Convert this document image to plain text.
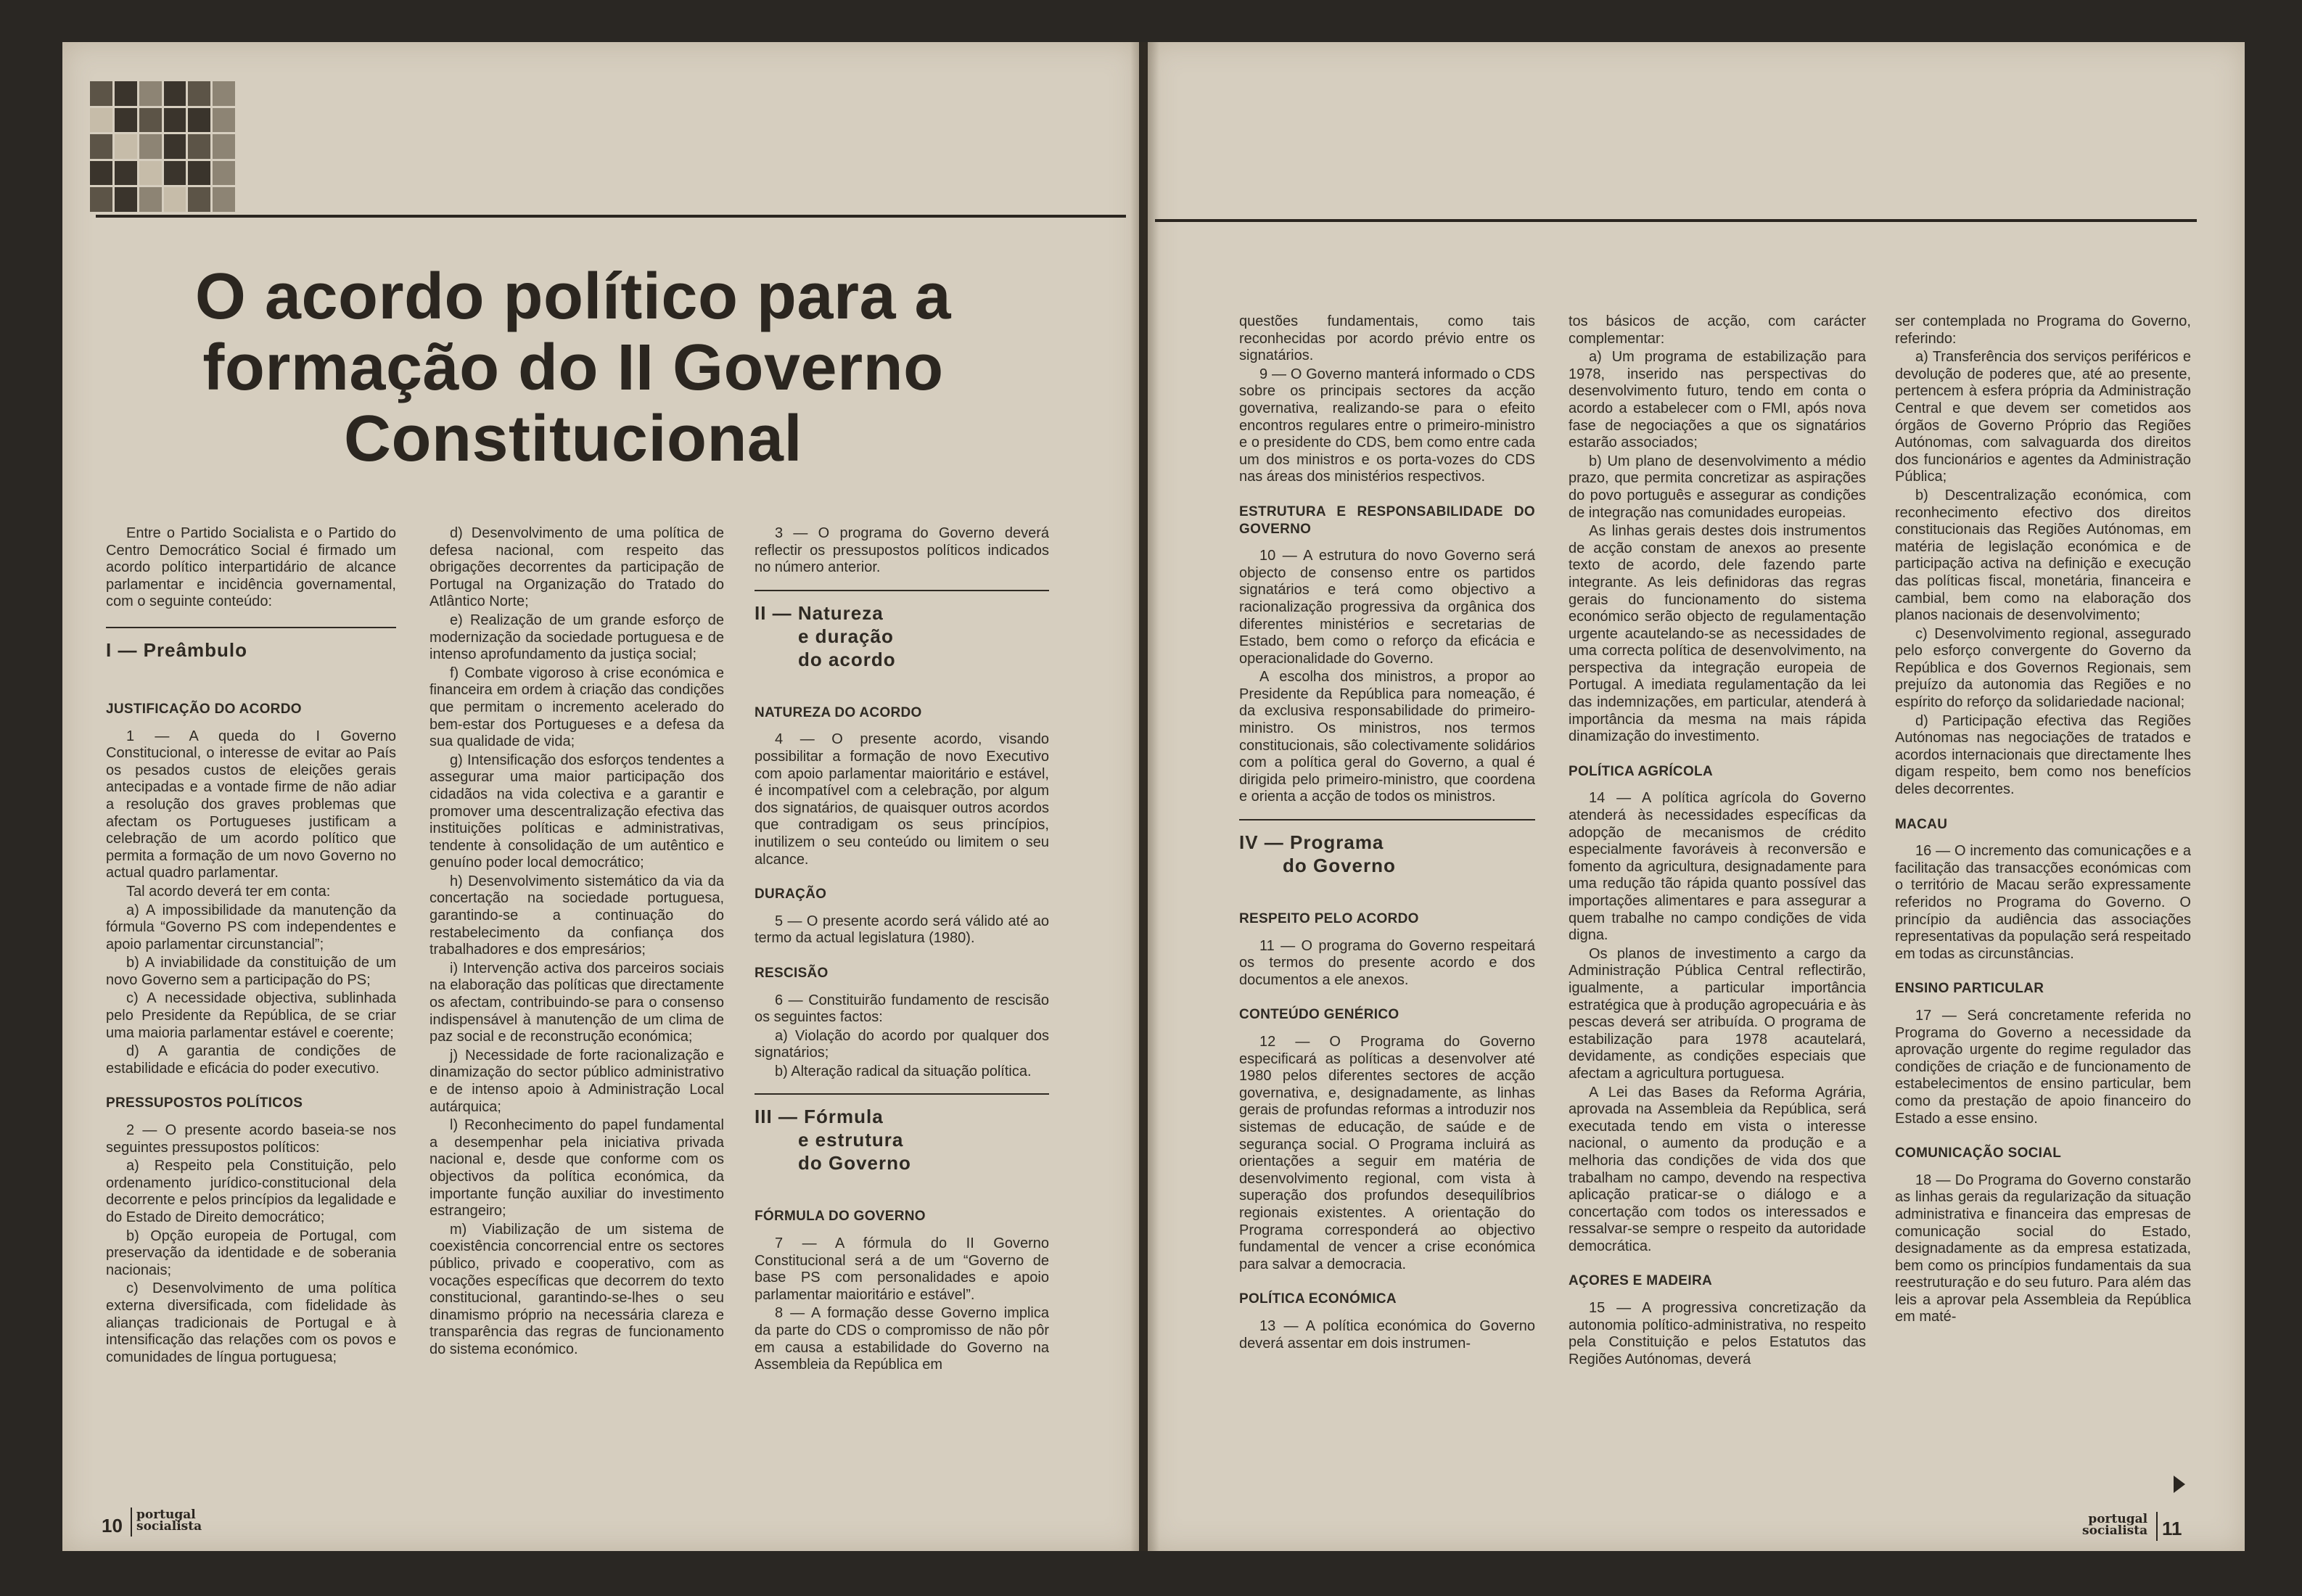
O acordo político para a formação do II Governo Constitucional

Entre o Partido Socialista e o Partido do Centro Democrático Social é firmado um acordo político interpartidário de alcance parlamentar e incidência governamental, com o seguinte conteúdo:

I — Preâmbulo
JUSTIFICAÇÃO DO ACORDO

1 — A queda do I Governo Constitucional, o interesse de evitar ao País os pesados custos de eleições gerais antecipadas e a vontade firme de não adiar a resolução dos graves problemas que afectam os Portugueses justificam a celebração de um acordo político que permita a formação de um novo Governo no actual quadro parlamentar.

Tal acordo deverá ter em conta:

a) A impossibilidade da manutenção da fórmula “Governo PS com independentes e apoio parlamentar circunstancial”;

b) A inviabilidade da constituição de um novo Governo sem a participação do PS;

c) A necessidade objectiva, sublinhada pelo Presidente da República, de se criar uma maioria parlamentar estável e coerente;

d) A garantia de condições de estabilidade e eficácia do poder executivo.

PRESSUPOSTOS POLÍTICOS

2 — O presente acordo baseia-se nos seguintes pressupostos políticos:

a) Respeito pela Constituição, pelo ordenamento jurídico-constitucional dela decorrente e pelos princípios da legalidade e do Estado de Direito democrático;

b) Opção europeia de Portugal, com preservação da identidade e de soberania nacionais;

c) Desenvolvimento de uma política externa diversificada, com fidelidade às alianças tradicionais de Portugal e à intensificação das relações com os povos e comunidades de língua portuguesa;

d) Desenvolvimento de uma política de defesa nacional, com respeito das obrigações decorrentes da participação de Portugal na Organização do Tratado do Atlântico Norte;

e) Realização de um grande esforço de modernização da sociedade portuguesa e de intenso aprofundamento da justiça social;

f) Combate vigoroso à crise económica e financeira em ordem à criação das condições que permitam o incremento acelerado do bem-estar dos Portugueses e a defesa da sua qualidade de vida;

g) Intensificação dos esforços tendentes a assegurar uma maior participação dos cidadãos na vida colectiva e a garantir e promover uma descentralização efectiva das instituições políticas e administrativas, tendente à consolidação de um autêntico e genuíno poder local democrático;

h) Desenvolvimento sistemático da via da concertação na sociedade portuguesa, garantindo-se a continuação do restabelecimento da confiança dos trabalhadores e dos empresários;

i) Intervenção activa dos parceiros sociais na elaboração das políticas que directamente os afectam, contribuindo-se para o consenso indispensável à manutenção de um clima de paz social e de reconstrução económica;

j) Necessidade de forte racionalização e dinamização do sector público administrativo e de intenso apoio à Administração Local autárquica;

l) Reconhecimento do papel fundamental a desempenhar pela iniciativa privada nacional e, desde que conforme com os objectivos da política económica, da importante função auxiliar do investimento estrangeiro;

m) Viabilização de um sistema de coexistência concorrencial entre os sectores público, privado e cooperativo, com as vocações específicas que decorrem do texto constitucional, garantindo-se-lhes o seu dinamismo próprio na necessária clareza e transparência das regras de funcionamento do sistema económico.

3 — O programa do Governo deverá reflectir os pressupostos políticos indicados no número anterior.

II — Natureza
e duração
do acordo
NATUREZA DO ACORDO

4 — O presente acordo, visando possibilitar a formação de novo Executivo com apoio parlamentar maioritário e estável, é incompatível com a celebração, por algum dos signatários, de quaisquer outros acordos que contradigam os seus princípios, inutilizem o seu conteúdo ou limitem o seu alcance.

DURAÇÃO

5 — O presente acordo será válido até ao termo da actual legislatura (1980).

RESCISÃO

6 — Constituirão fundamento de rescisão os seguintes factos:

a) Violação do acordo por qualquer dos signatários;

b) Alteração radical da situação política.

III — Fórmula
e estrutura
do Governo
FÓRMULA DO GOVERNO

7 — A fórmula do II Governo Constitucional será a de um “Governo de base PS com personalidades e apoio parlamentar maioritário e estável”.

8 — A formação desse Governo implica da parte do CDS o compromisso de não pôr em causa a estabilidade do Governo na Assembleia da República em

questões fundamentais, como tais reconhecidas por acordo prévio entre os signatários.

9 — O Governo manterá informado o CDS sobre os principais sectores da acção governativa, realizando-se para o efeito encontros regulares entre o primeiro-ministro e o presidente do CDS, bem como entre cada um dos ministros e os porta-vozes do CDS nas áreas dos ministérios respectivos.

ESTRUTURA E RESPONSABILIDADE DO GOVERNO

10 — A estrutura do novo Governo será objecto de consenso entre os partidos signatários e terá como objectivo a racionalização progressiva da orgânica dos diferentes ministérios e secretarias de Estado, bem como o reforço da eficácia e operacionalidade do Governo.

A escolha dos ministros, a propor ao Presidente da República para nomeação, é da exclusiva responsabilidade do primeiro-ministro. Os ministros, nos termos constitucionais, são colectivamente solidários com a política geral do Governo, a qual é dirigida pelo primeiro-ministro, que coordena e orienta a acção de todos os ministros.

IV — Programa
do Governo
RESPEITO PELO ACORDO

11 — O programa do Governo respeitará os termos do presente acordo e dos documentos a ele anexos.

CONTEÚDO GENÉRICO

12 — O Programa do Governo especificará as políticas a desenvolver até 1980 pelos diferentes sectores de acção governativa, e, designadamente, as linhas gerais de profundas reformas a introduzir nos sistemas de educação, de saúde e de segurança social. O Programa incluirá as orientações a seguir em matéria de desenvolvimento regional, com vista à superação dos profundos desequilíbrios regionais existentes. A orientação do Programa corresponderá ao objectivo fundamental de vencer a crise económica para salvar a democracia.

POLÍTICA ECONÓMICA

13 — A política económica do Governo deverá assentar em dois instrumen-

tos básicos de acção, com carácter complementar:

a) Um programa de estabilização para 1978, inserido nas perspectivas do desenvolvimento futuro, tendo em conta o acordo a estabelecer com o FMI, após nova fase de negociações a que os signatários estarão associados;

b) Um plano de desenvolvimento a médio prazo, que permita concretizar as aspirações do povo português e assegurar as condições de integração nas comunidades europeias.

As linhas gerais destes dois instrumentos de acção constam de anexos ao presente texto de acordo, dele fazendo parte integrante. As leis definidoras das regras gerais do funcionamento do sistema económico serão objecto de regulamentação urgente acautelando-se as necessidades de uma correcta política de desenvolvimento, na perspectiva da integração europeia de Portugal. A imediata regulamentação da lei das indemnizações, em particular, atenderá à importância da mesma na mais rápida dinamização do investimento.

POLÍTICA AGRÍCOLA

14 — A política agrícola do Governo atenderá às necessidades específicas da adopção de mecanismos de crédito especialmente favoráveis à reconversão e fomento da agricultura, designadamente para uma redução tão rápida quanto possível das importações alimentares e para assegurar a quem trabalhe no campo condições de vida digna.

Os planos de investimento a cargo da Administração Pública Central reflectirão, igualmente, a particular importância estratégica que à produção agropecuária e às pescas deverá ser atribuída. O programa de estabilização para 1978 acautelará, devidamente, as condições especiais que afectam a agricultura portuguesa.

A Lei das Bases da Reforma Agrária, aprovada na Assembleia da República, será executada tendo em vista o interesse nacional, o aumento da produção e a melhoria das condições de vida dos que trabalham no campo, devendo na respectiva aplicação praticar-se o diálogo e a concertação com todos os interessados e ressalvar-se sempre o respeito da autoridade democrática.

AÇORES E MADEIRA

15 — A progressiva concretização da autonomia político-administrativa, no respeito pela Constituição e pelos Estatutos das Regiões Autónomas, deverá

ser contemplada no Programa do Governo, referindo:

a) Transferência dos serviços periféricos e devolução de poderes que, até ao presente, pertencem à esfera própria da Administração Central e que devem ser cometidos aos órgãos de Governo Próprio das Regiões Autónomas, com salvaguarda dos direitos dos funcionários e agentes da Administração Pública;

b) Descentralização económica, com reconhecimento efectivo dos direitos constitucionais das Regiões Autónomas, em matéria de legislação económica e de participação activa na definição e execução das políticas fiscal, monetária, financeira e cambial, bem como na elaboração dos planos nacionais de desenvolvimento;

c) Desenvolvimento regional, assegurado pelo esforço convergente do Governo da República e dos Governos Regionais, sem prejuízo da autonomia das Regiões e no espírito do reforço da solidariedade nacional;

d) Participação efectiva das Regiões Autónomas nas negociações de tratados e acordos internacionais que directamente lhes digam respeito, bem como nos benefícios deles decorrentes.

MACAU

16 — O incremento das comunicações e a facilitação das transacções económicas com o território de Macau serão expressamente referidos no Programa do Governo. O princípio da audiência das associações representativas da população será respeitado em todas as circunstâncias.

ENSINO PARTICULAR

17 — Será concretamente referida no Programa do Governo a necessidade da aprovação urgente do regime regulador das condições de criação e de funcionamento de estabelecimentos de ensino particular, bem como da prestação de apoio financeiro do Estado a esse ensino.

COMUNICAÇÃO SOCIAL

18 — Do Programa do Governo constarão as linhas gerais da regularização da situação administrativa e financeira das empresas de comunicação social do Estado, designadamente as da empresa estatizada, bem como os princípios fundamentais da sua reestruturação e do seu futuro. Para além das leis a aprovar pela Assembleia da República em maté-

10 portugal
socialista	portugal
socialista 11
